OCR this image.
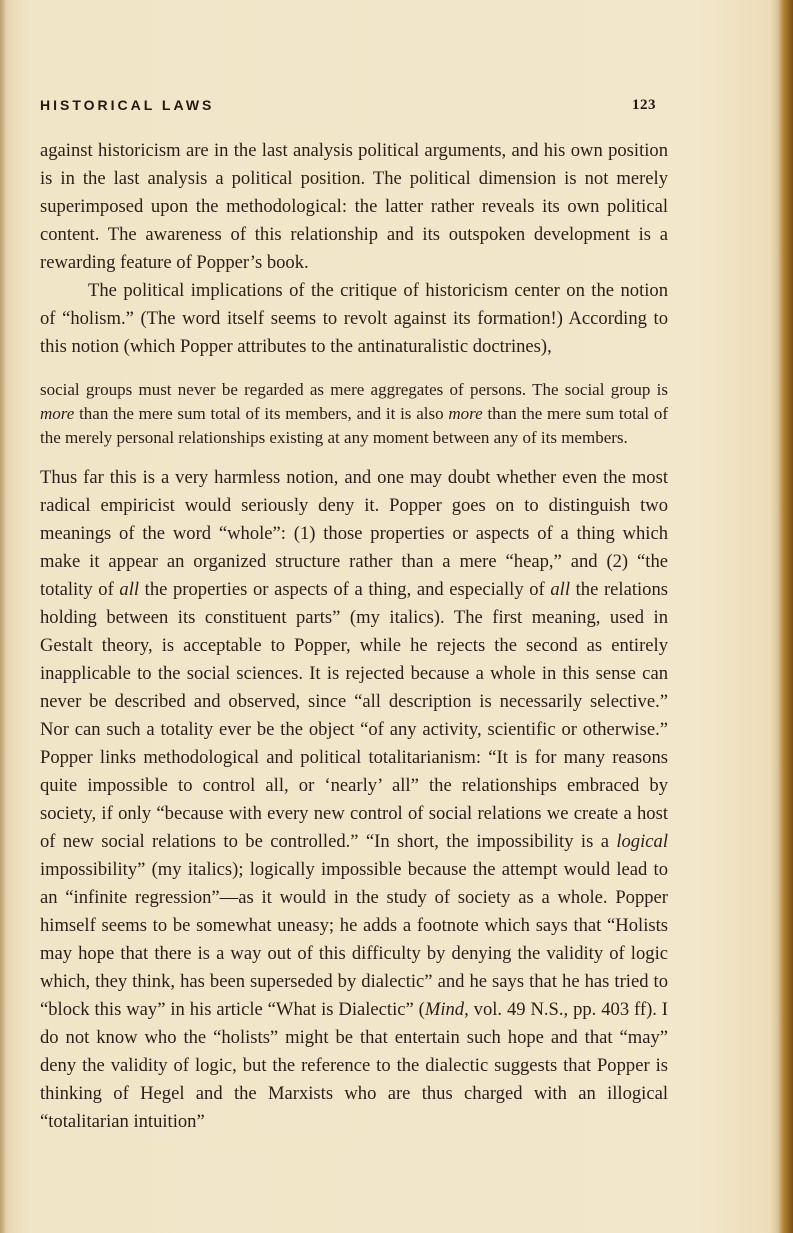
HISTORICAL LAWS	123

against historicism are in the last analysis political arguments, and his own position is in the last analysis a political position. The political dimension is not merely superimposed upon the methodological: the latter rather reveals its own political content. The awareness of this relationship and its outspoken development is a rewarding feature of Popper’s book.

The political implications of the critique of historicism center on the notion of “holism.” (The word itself seems to revolt against its formation!) According to this notion (which Popper attributes to the antinaturalistic doctrines),

social groups must never be regarded as mere aggregates of persons. The social group is more than the mere sum total of its members, and it is also more than the mere sum total of the merely personal relationships existing at any moment between any of its members.

Thus far this is a very harmless notion, and one may doubt whether even the most radical empiricist would seriously deny it. Popper goes on to distinguish two meanings of the word “whole”: (1) those properties or aspects of a thing which make it appear an organized structure rather than a mere “heap,” and (2) “the totality of all the properties or aspects of a thing, and especially of all the relations holding between its constituent parts” (my italics). The first meaning, used in Gestalt theory, is acceptable to Popper, while he rejects the second as entirely inapplicable to the social sciences. It is rejected because a whole in this sense can never be described and observed, since “all description is necessarily selective.” Nor can such a totality ever be the object “of any activity, scientific or otherwise.” Popper links methodological and political totalitarianism: “It is for many reasons quite impossible to control all, or ‘nearly’ all” the relationships embraced by society, if only “because with every new control of social relations we create a host of new social relations to be controlled.” “In short, the impossibility is a logical impossibility” (my italics); logically impossible because the attempt would lead to an “infinite regression”—as it would in the study of society as a whole. Popper himself seems to be somewhat uneasy; he adds a footnote which says that “Holists may hope that there is a way out of this difficulty by denying the validity of logic which, they think, has been superseded by dialectic” and he says that he has tried to “block this way” in his article “What is Dialectic” (Mind, vol. 49 N.S., pp. 403 ff). I do not know who the “holists” might be that entertain such hope and that “may” deny the validity of logic, but the reference to the dialectic suggests that Popper is thinking of Hegel and the Marxists who are thus charged with an illogical “totalitarian intuition”
